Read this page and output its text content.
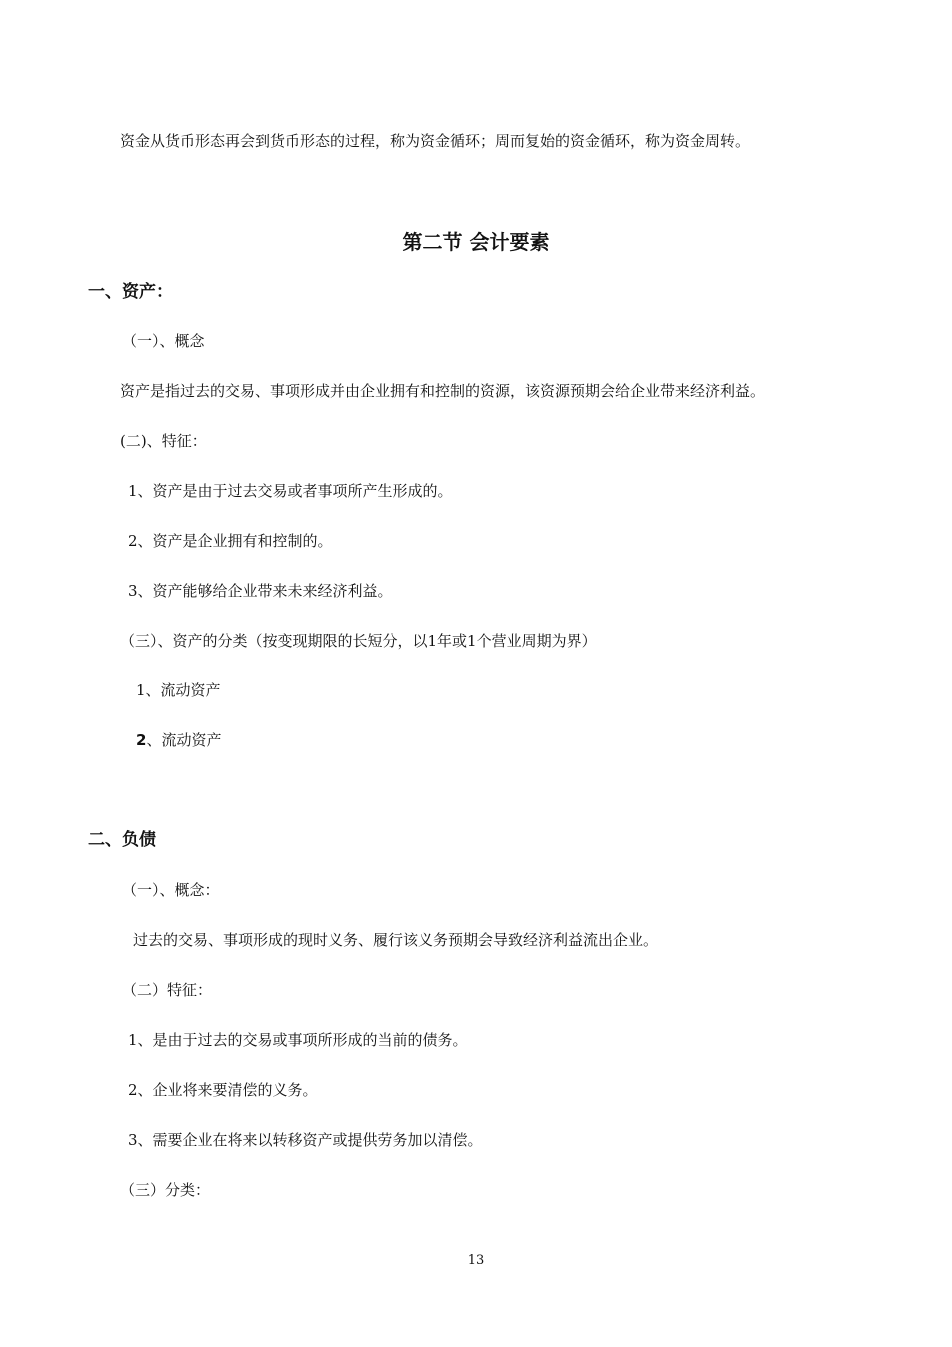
资金从货币形态再会到货币形态的过程，称为资金循环；周而复始的资金循环，称为资金周转。
第二节 会计要素
一、资产：
（一）、概念
资产是指过去的交易、事项形成并由企业拥有和控制的资源，该资源预期会给企业带来经济利益。
(二)、特征：
1、资产是由于过去交易或者事项所产生形成的。
2、资产是企业拥有和控制的。
3、资产能够给企业带来未来经济利益。
（三）、资产的分类（按变现期限的长短分，以1年或1个营业周期为界）
1、流动资产
2、流动资产
二、负债
（一）、概念：
过去的交易、事项形成的现时义务、履行该义务预期会导致经济利益流出企业。
（二）特征：
1、是由于过去的交易或事项所形成的当前的债务。
2、企业将来要清偿的义务。
3、需要企业在将来以转移资产或提供劳务加以清偿。
（三）分类：
13
